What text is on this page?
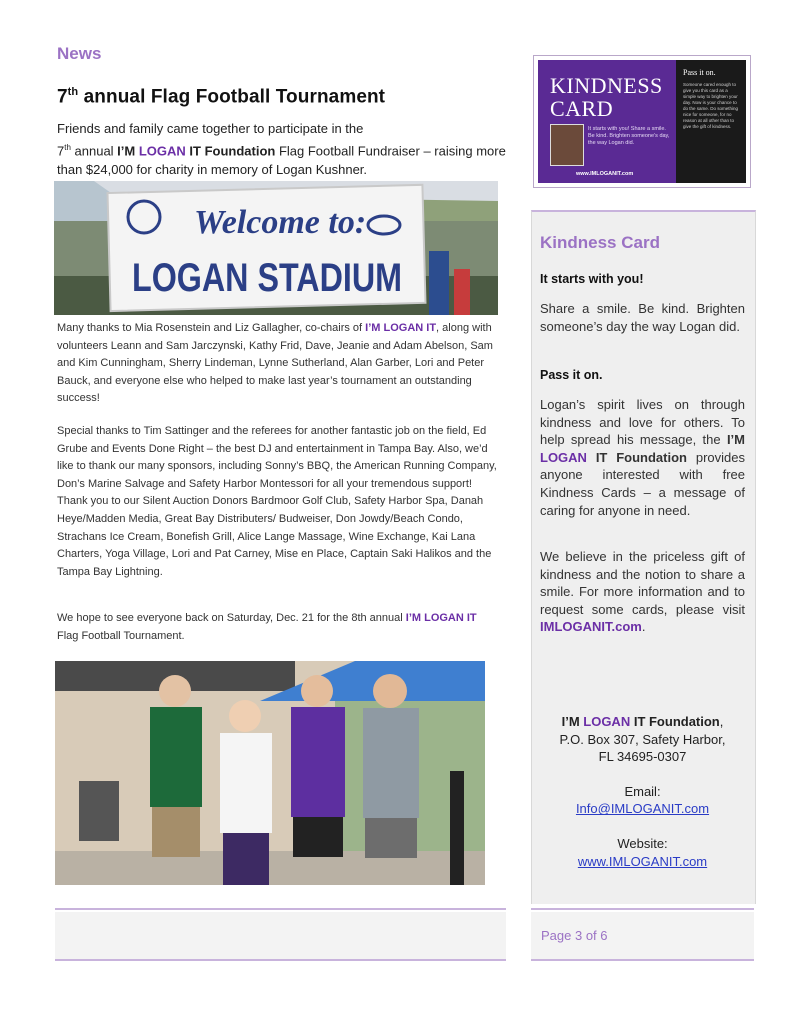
News
7th annual Flag Football Tournament
Friends and family came together to participate in the
7th annual I’M LOGAN IT Foundation Flag Football Fundraiser – raising more than $24,000 for charity in memory of Logan Kushner.
Welcome to:
LOGAN STADIUM
Many thanks to Mia Rosenstein and Liz Gallagher, co-chairs of I’M LOGAN IT, along with volunteers Leann and Sam Jarczynski, Kathy Frid, Dave, Jeanie and Adam Abelson, Sam and Kim Cunningham, Sherry Lindeman, Lynne Sutherland, Alan Garber, Lori and Peter Bauck, and everyone else who helped to make last year’s tournament an outstanding success!
Special thanks to Tim Sattinger and the referees for another fantastic job on the field, Ed Grube and Events Done Right – the best DJ and entertainment in Tampa Bay. Also, we’d like to thank our many sponsors, including Sonny’s BBQ, the American Running Company, Don’s Marine Salvage and Safety Harbor Montessori for all your tremendous support! Thank you to our Silent Auction Donors Bardmoor Golf Club, Safety Harbor Spa, Danah Heye/Madden Media, Great Bay Distributers/ Budweiser, Don Jowdy/Beach Condo, Strachans Ice Cream, Bonefish Grill, Alice Lange Massage, Wine Exchange, Kai Lana Charters, Yoga Village, Lori and Pat Carney, Mise en Place, Captain Saki Halikos and the Tampa Bay Lightning.
We hope to see everyone back on Saturday, Dec. 21 for the 8th annual I’M LOGAN IT Flag Football Tournament.
KINDNESS
CARD
It starts with you! Share a smile. Be kind. Brighten someone’s day, the way Logan did.
www.IMLOGANIT.com
Pass it on.
Someone cared enough to give you this card as a simple way to brighten your day. Now is your chance to do the same. Do something nice for someone, for no reason at all other than to give the gift of kindness.
Kindness Card
It starts with you!
Share a smile. Be kind. Brighten someone’s day the way Logan did.
Pass it on.
Logan’s spirit lives on through kindness and love for others. To help spread his message, the I’M LOGAN IT Foundation provides anyone interested with free Kindness Cards – a message of caring for anyone in need.
We believe in the priceless gift of kindness and the notion to share a smile. For more information and to request some cards, please visit IMLOGANIT.com.
I’M LOGAN IT Foundation,
P.O. Box 307, Safety Harbor,
FL 34695-0307
Email:
Info@IMLOGANIT.com
Website:
www.IMLOGANIT.com
Page 3 of 6
